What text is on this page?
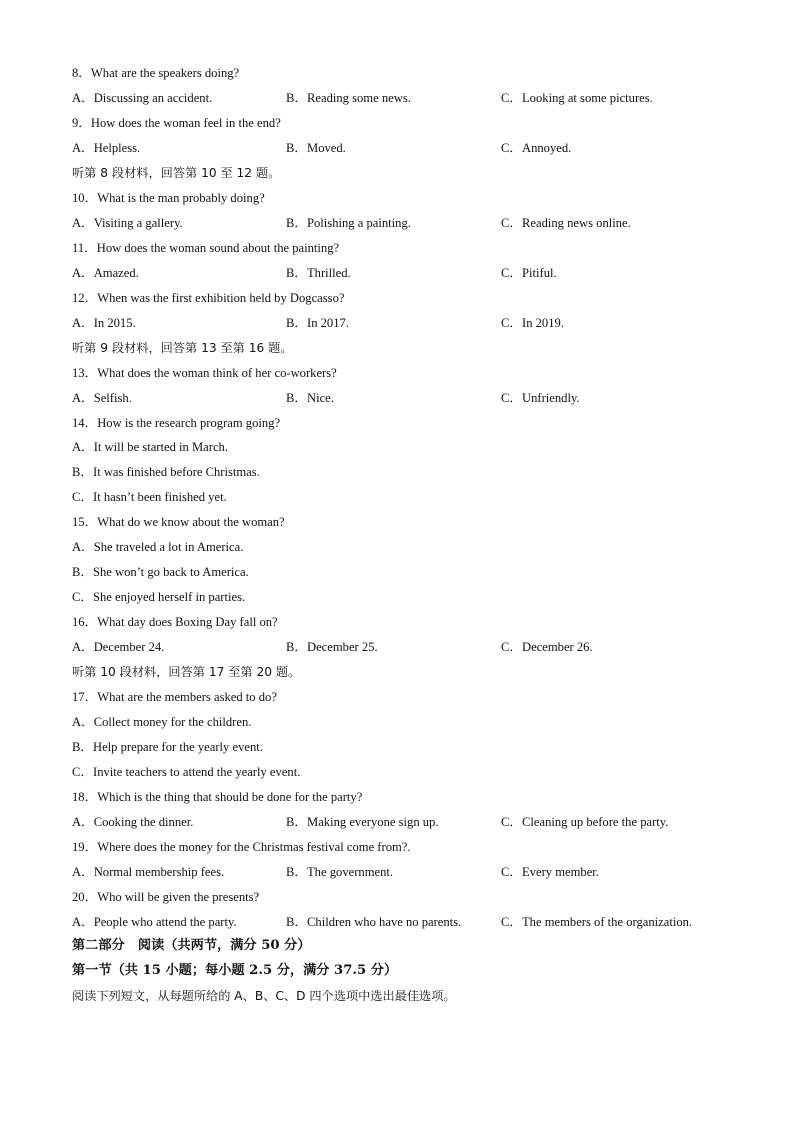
8．What are the speakers doing?
A．Discussing an accident.	B．Reading some news.	C．Looking at some pictures.
9．How does the woman feel in the end?
A．Helpless.	B．Moved.	C．Annoyed.
听第 8 段材料，回答第 10 至 12 题。
10．What is the man probably doing?
A．Visiting a gallery.	B．Polishing a painting.	C．Reading news online.
11．How does the woman sound about the painting?
A．Amazed.	B．Thrilled.	C．Pitiful.
12．When was the first exhibition held by Dogcasso?
A．In 2015.	B．In 2017.	C．In 2019.
听第 9 段材料，回答第 13 至第 16 题。
13．What does the woman think of her co-workers?
A．Selfish.	B．Nice.	C．Unfriendly.
14．How is the research program going?
A．It will be started in March.
B．It was finished before Christmas.
C．It hasn’t been finished yet.
15．What do we know about the woman?
A．She traveled a lot in America.
B．She won’t go back to America.
C．She enjoyed herself in parties.
16．What day does Boxing Day fall on?
A．December 24.	B．December 25.	C．December 26.
听第 10 段材料，回答第 17 至第 20 题。
17．What are the members asked to do?
A．Collect money for the children.
B．Help prepare for the yearly event.
C．Invite teachers to attend the yearly event.
18．Which is the thing that should be done for the party?
A．Cooking the dinner.	B．Making everyone sign up.	C．Cleaning up before the party.
19．Where does the money for the Christmas festival come from?.
A．Normal membership fees.	B．The government.	C．Every member.
20．Who will be given the presents?
A．People who attend the party.	B．Children who have no parents.	C．The members of the organization.
第二部分　阅读（共两节，满分 50 分）
第一节（共 15 小题；每小题 2.5 分，满分 37.5 分）
阅读下列短文，从每题所给的 A、B、C、D 四个选项中选出最佳选项。
